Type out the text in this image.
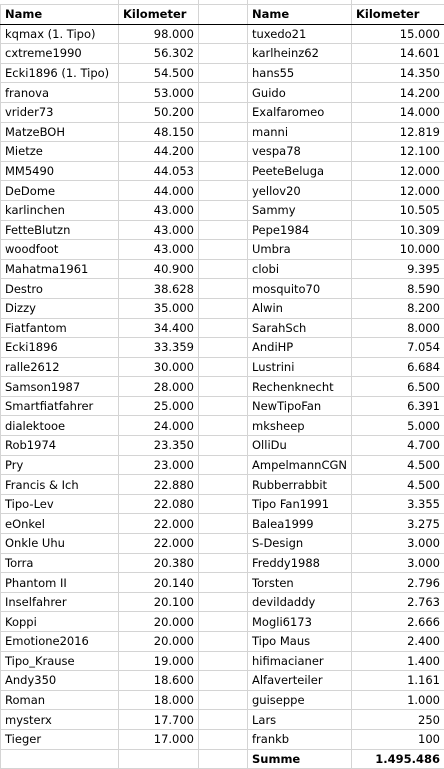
Name	Kilometer		Name	Kilometer
kqmax (1. Tipo)	98.000		tuxedo21	15.000
cxtreme1990	56.302		karlheinz62	14.601
Ecki1896 (1. Tipo)	54.500		hans55	14.350
franova	53.000		Guido	14.200
vrider73	50.200		Exalfaromeo	14.000
MatzeBOH	48.150		manni	12.819
Mietze	44.200		vespa78	12.100
MM5490	44.053		PeeteBeluga	12.000
DeDome	44.000		yellov20	12.000
karlinchen	43.000		Sammy	10.505
FetteBlutzn	43.000		Pepe1984	10.309
woodfoot	43.000		Umbra	10.000
Mahatma1961	40.900		clobi	9.395
Destro	38.628		mosquito70	8.590
Dizzy	35.000		Alwin	8.200
Fiatfantom	34.400		SarahSch	8.000
Ecki1896	33.359		AndiHP	7.054
ralle2612	30.000		Lustrini	6.684
Samson1987	28.000		Rechenknecht	6.500
Smartfiatfahrer	25.000		NewTipoFan	6.391
dialektooe	24.000		mksheep	5.000
Rob1974	23.350		OlliDu	4.700
Pry	23.000		AmpelmannCGN	4.500
Francis & Ich	22.880		Rubberrabbit	4.500
Tipo-Lev	22.080		Tipo Fan1991	3.355
eOnkel	22.000		Balea1999	3.275
Onkle Uhu	22.000		S-Design	3.000
Torra	20.380		Freddy1988	3.000
Phantom II	20.140		Torsten	2.796
Inselfahrer	20.100		devildaddy	2.763
Koppi	20.000		Mogli6173	2.666
Emotione2016	20.000		Tipo Maus	2.400
Tipo_Krause	19.000		hifimacianer	1.400
Andy350	18.600		Alfaverteiler	1.161
Roman	18.000		guiseppe	1.000
mysterx	17.700		Lars	250
Tieger	17.000		frankb	100
			Summe	1.495.486
